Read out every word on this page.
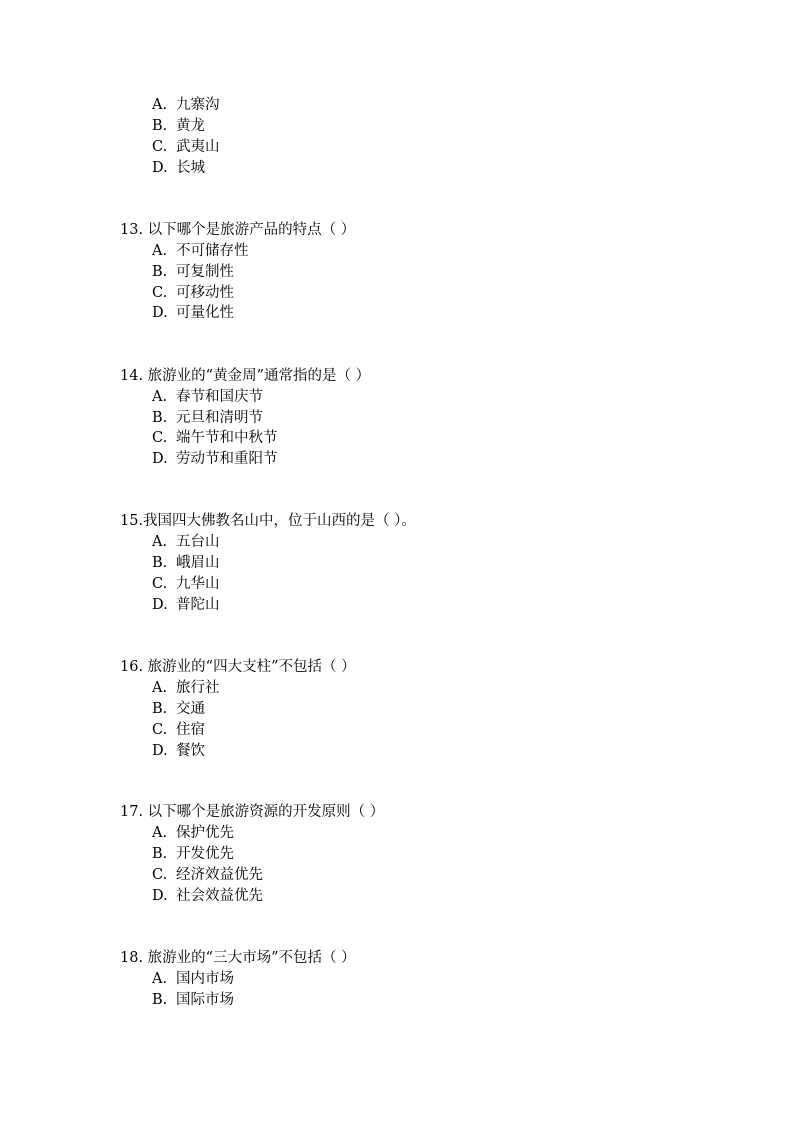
A. 九寨沟
B. 黄龙
C. 武夷山
D. 长城
13. 以下哪个是旅游产品的特点（ ）
A. 不可储存性
B. 可复制性
C. 可移动性
D. 可量化性
14. 旅游业的“黄金周”通常指的是（ ）
A. 春节和国庆节
B. 元旦和清明节
C. 端午节和中秋节
D. 劳动节和重阳节
15.我国四大佛教名山中，位于山西的是（ ）。
A. 五台山
B. 峨眉山
C. 九华山
D. 普陀山
16. 旅游业的“四大支柱”不包括（ ）
A. 旅行社
B. 交通
C. 住宿
D. 餐饮
17. 以下哪个是旅游资源的开发原则（ ）
A. 保护优先
B. 开发优先
C. 经济效益优先
D. 社会效益优先
18. 旅游业的“三大市场”不包括（ ）
A. 国内市场
B. 国际市场
